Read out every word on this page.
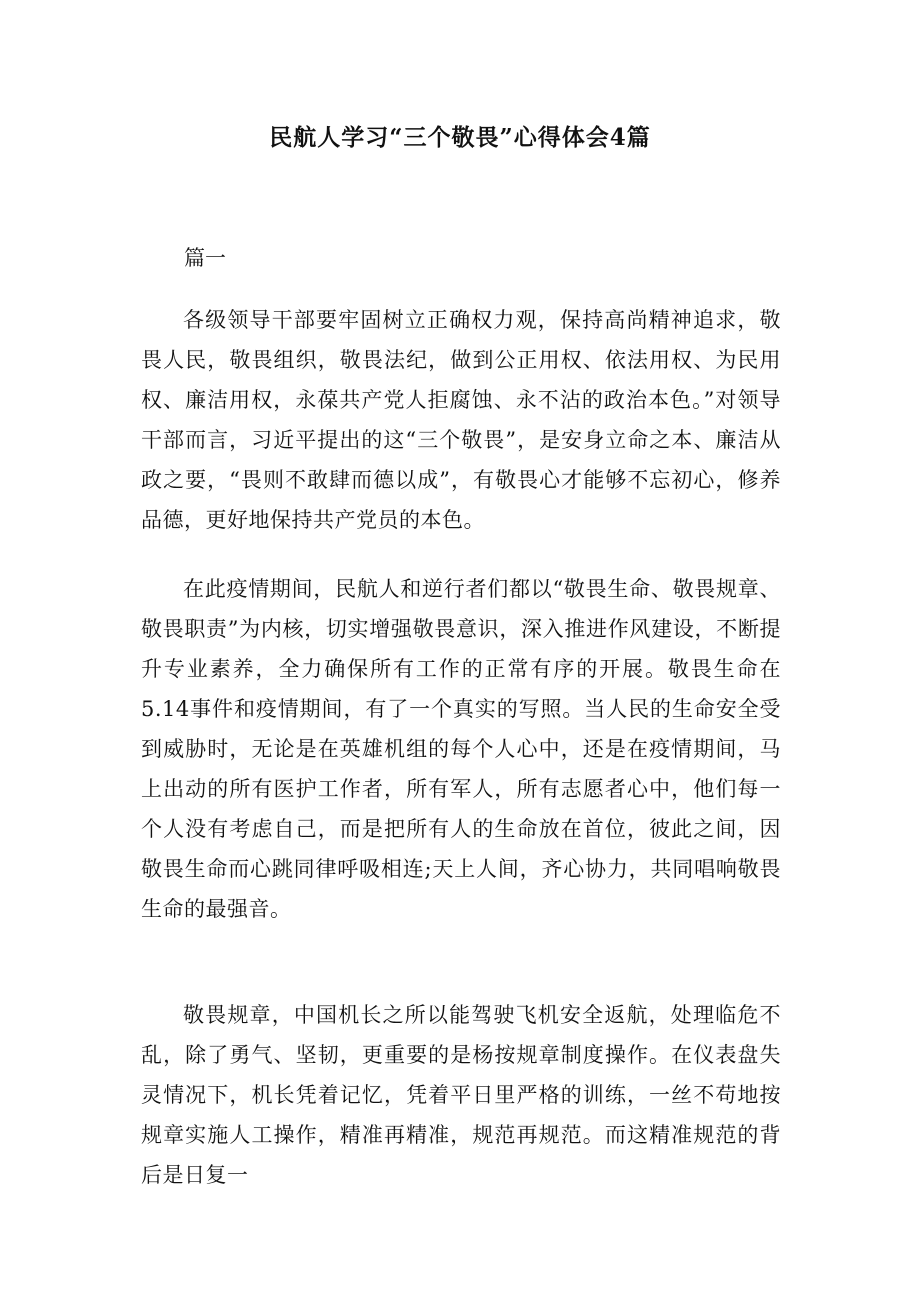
民航人学习“三个敬畏”心得体会4篇

篇一

各级领导干部要牢固树立正确权力观，保持高尚精神追求，敬畏人民，敬畏组织，敬畏法纪，做到公正用权、依法用权、为民用权、廉洁用权，永葆共产党人拒腐蚀、永不沾的政治本色。”对领导干部而言，习近平提出的这“三个敬畏”，是安身立命之本、廉洁从政之要，“畏则不敢肆而德以成”，有敬畏心才能够不忘初心，修养品德，更好地保持共产党员的本色。

在此疫情期间，民航人和逆行者们都以“敬畏生命、敬畏规章、敬畏职责”为内核，切实增强敬畏意识，深入推进作风建设，不断提升专业素养，全力确保所有工作的正常有序的开展。敬畏生命在5.14事件和疫情期间，有了一个真实的写照。当人民的生命安全受到威胁时，无论是在英雄机组的每个人心中，还是在疫情期间，马上出动的所有医护工作者，所有军人，所有志愿者心中，他们每一个人没有考虑自己，而是把所有人的生命放在首位，彼此之间，因敬畏生命而心跳同律呼吸相连;天上人间，齐心协力，共同唱响敬畏生命的最强音。

敬畏规章，中国机长之所以能驾驶飞机安全返航，处理临危不乱，除了勇气、坚韧，更重要的是杨按规章制度操作。在仪表盘失灵情况下，机长凭着记忆，凭着平日里严格的训练，一丝不苟地按规章实施人工操作，精准再精准，规范再规范。而这精准规范的背后是日复一
